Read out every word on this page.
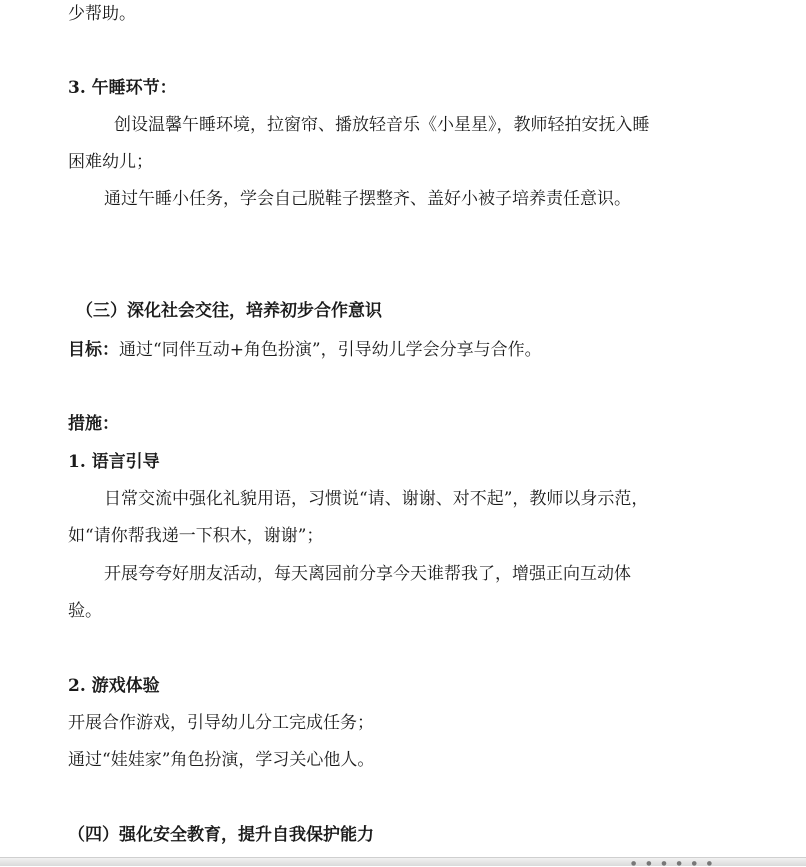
少帮助。
3. 午睡环节：
创设温馨午睡环境，拉窗帘、播放轻音乐《小星星》，教师轻拍安抚入睡
困难幼儿；
通过午睡小任务，学会自己脱鞋子摆整齐、盖好小被子培养责任意识。
（三）深化社会交往，培养初步合作意识
目标：通过“同伴互动+角色扮演”，引导幼儿学会分享与合作。
措施：
1. 语言引导
日常交流中强化礼貌用语，习惯说“请、谢谢、对不起”，教师以身示范，
如“请你帮我递一下积木，谢谢”；
开展夸夸好朋友活动，每天离园前分享今天谁帮我了，增强正向互动体
验。
2. 游戏体验
开展合作游戏，引导幼儿分工完成任务；
通过“娃娃家”角色扮演，学习关心他人。
（四）强化安全教育，提升自我保护能力
● ● ● ● ● ●
